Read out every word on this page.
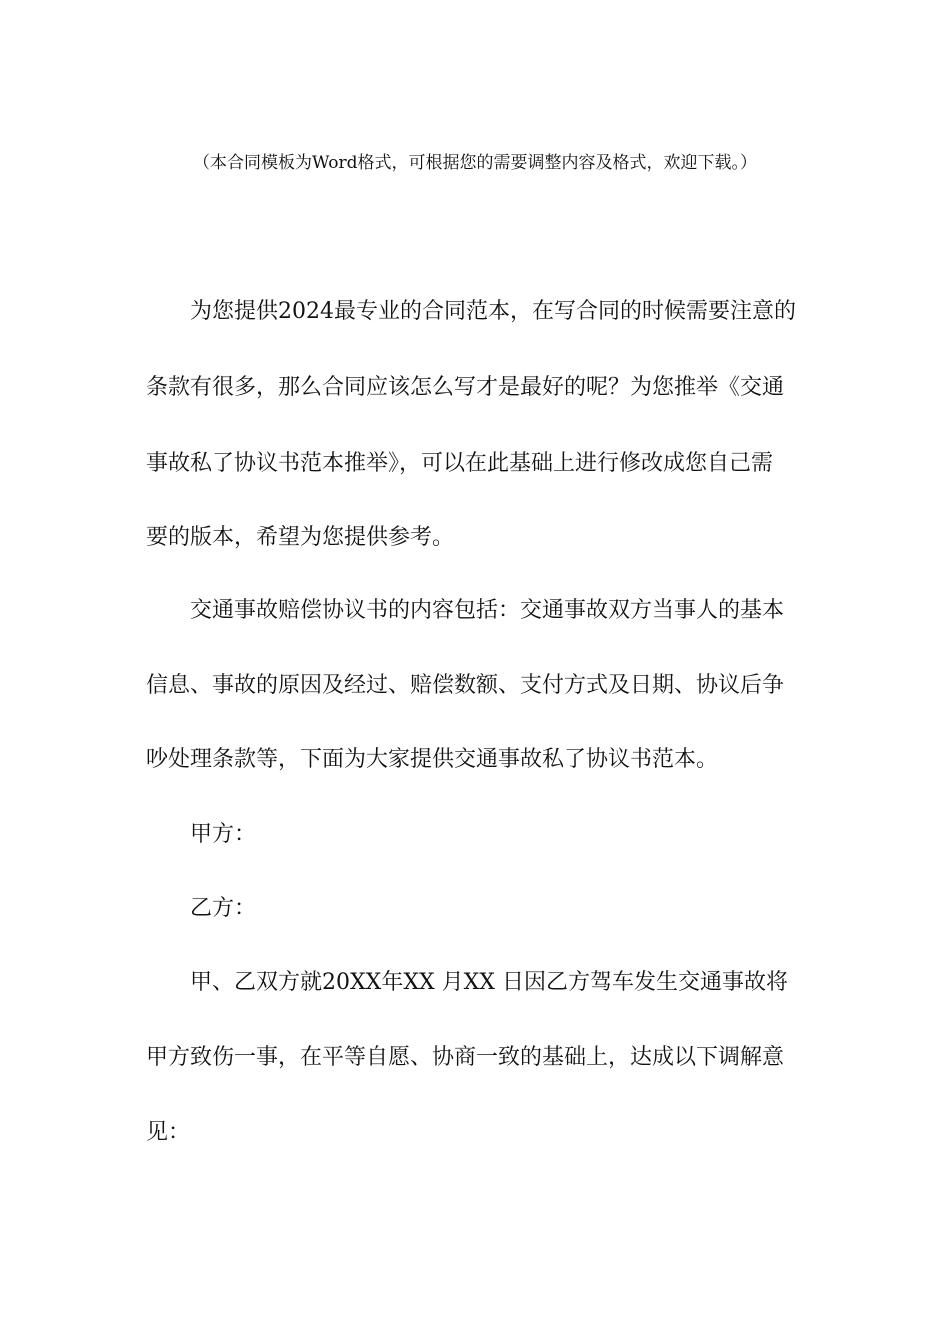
（本合同模板为Word格式，可根据您的需要调整内容及格式，欢迎下载。）
为您提供2024最专业的合同范本，在写合同的时候需要注意的
条款有很多，那么合同应该怎么写才是最好的呢？为您推举《交通
事故私了协议书范本推举》，可以在此基础上进行修改成您自己需
要的版本，希望为您提供参考。
交通事故赔偿协议书的内容包括：交通事故双方当事人的基本
信息、事故的原因及经过、赔偿数额、支付方式及日期、协议后争
吵处理条款等，下面为大家提供交通事故私了协议书范本。
甲方：
乙方：
甲、乙双方就20XX年XX 月XX 日因乙方驾车发生交通事故将
甲方致伤一事，在平等自愿、协商一致的基础上，达成以下调解意
见：
